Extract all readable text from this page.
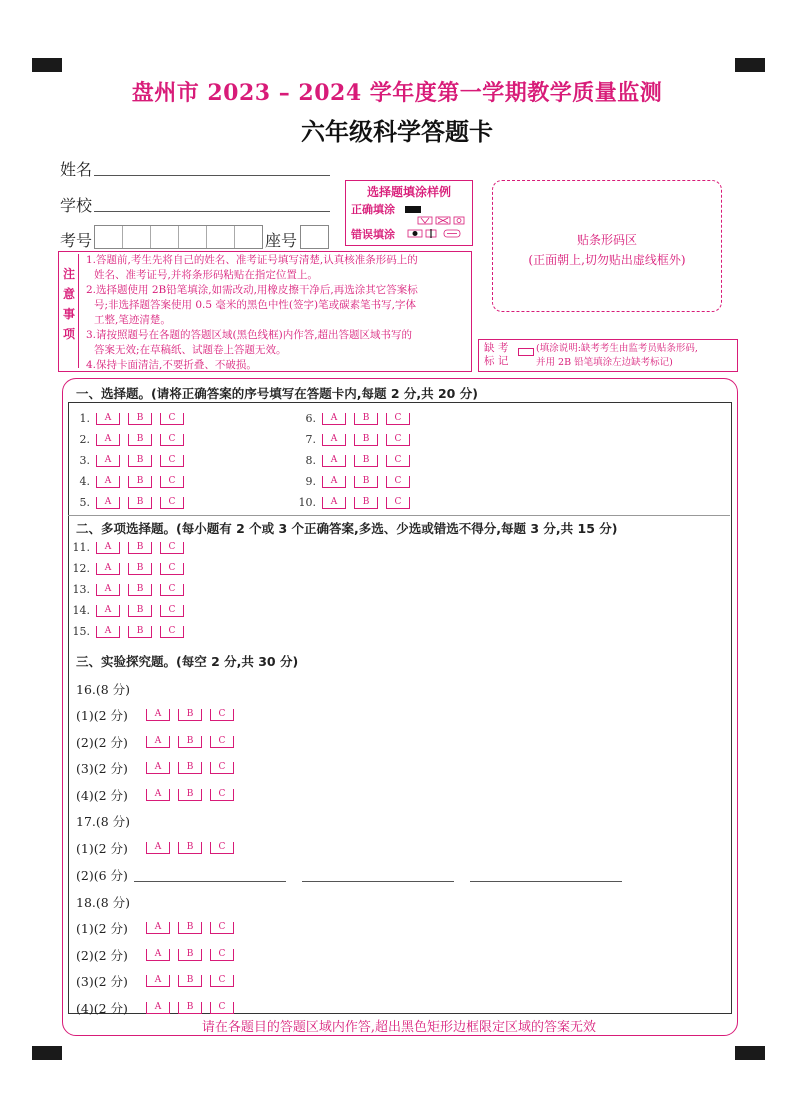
盘州市 2023 – 2024 学年度第一学期教学质量监测
六年级科学答题卡
姓名
学校
考号	座号
选择题填涂样例
正确填涂
错误填涂	贴条形码区
(正面朝上,切勿贴出虚线框外)
注
意
事
项

1.答题前,考生先将自己的姓名、准考证号填写清楚,认真核准条形码上的

姓名、准考证号,并将条形码粘贴在指定位置上。

2.选择题使用 2B铅笔填涂,如需改动,用橡皮擦干净后,再选涂其它答案标

号;非选择题答案使用 0.5 毫米的黑色中性(签字)笔或碳素笔书写,字体

工整,笔迹清楚。

3.请按照题号在各题的答题区域(黑色线框)内作答,超出答题区域书写的

答案无效;在草稿纸、试题卷上答题无效。

4.保持卡面清洁,不要折叠、不破损。

缺 考
标 记
(填涂说明:缺考考生由监考员贴条形码,
并用 2B 铅笔填涂左边缺考标记)
一、选择题。(请将正确答案的序号填写在答题卡内,每题 2 分,共 20 分)
1.	A	B	C	6.	A	B	C
2.	A	B	C	7.	A	B	C
3.	A	B	C	8.	A	B	C
4.	A	B	C	9.	A	B	C
5.	A	B	C	10.	A	B	C
二、多项选择题。(每小题有 2 个或 3 个正确答案,多选、少选或错选不得分,每题 3 分,共 15 分)
11.	A	B	C
12.	A	B	C
13.	A	B	C
14.	A	B	C
15.	A	B	C
三、实验探究题。(每空 2 分,共 30 分)
16.(8 分)
(1)(2 分)	A	B	C
(2)(2 分)	A	B	C
(3)(2 分)	A	B	C
(4)(2 分)	A	B	C
17.(8 分)
(1)(2 分)	A	B	C
(2)(6 分)
18.(8 分)
(1)(2 分)	A	B	C
(2)(2 分)	A	B	C
(3)(2 分)	A	B	C
(4)(2 分)	A	B	C
请在各题目的答题区域内作答,超出黑色矩形边框限定区域的答案无效
